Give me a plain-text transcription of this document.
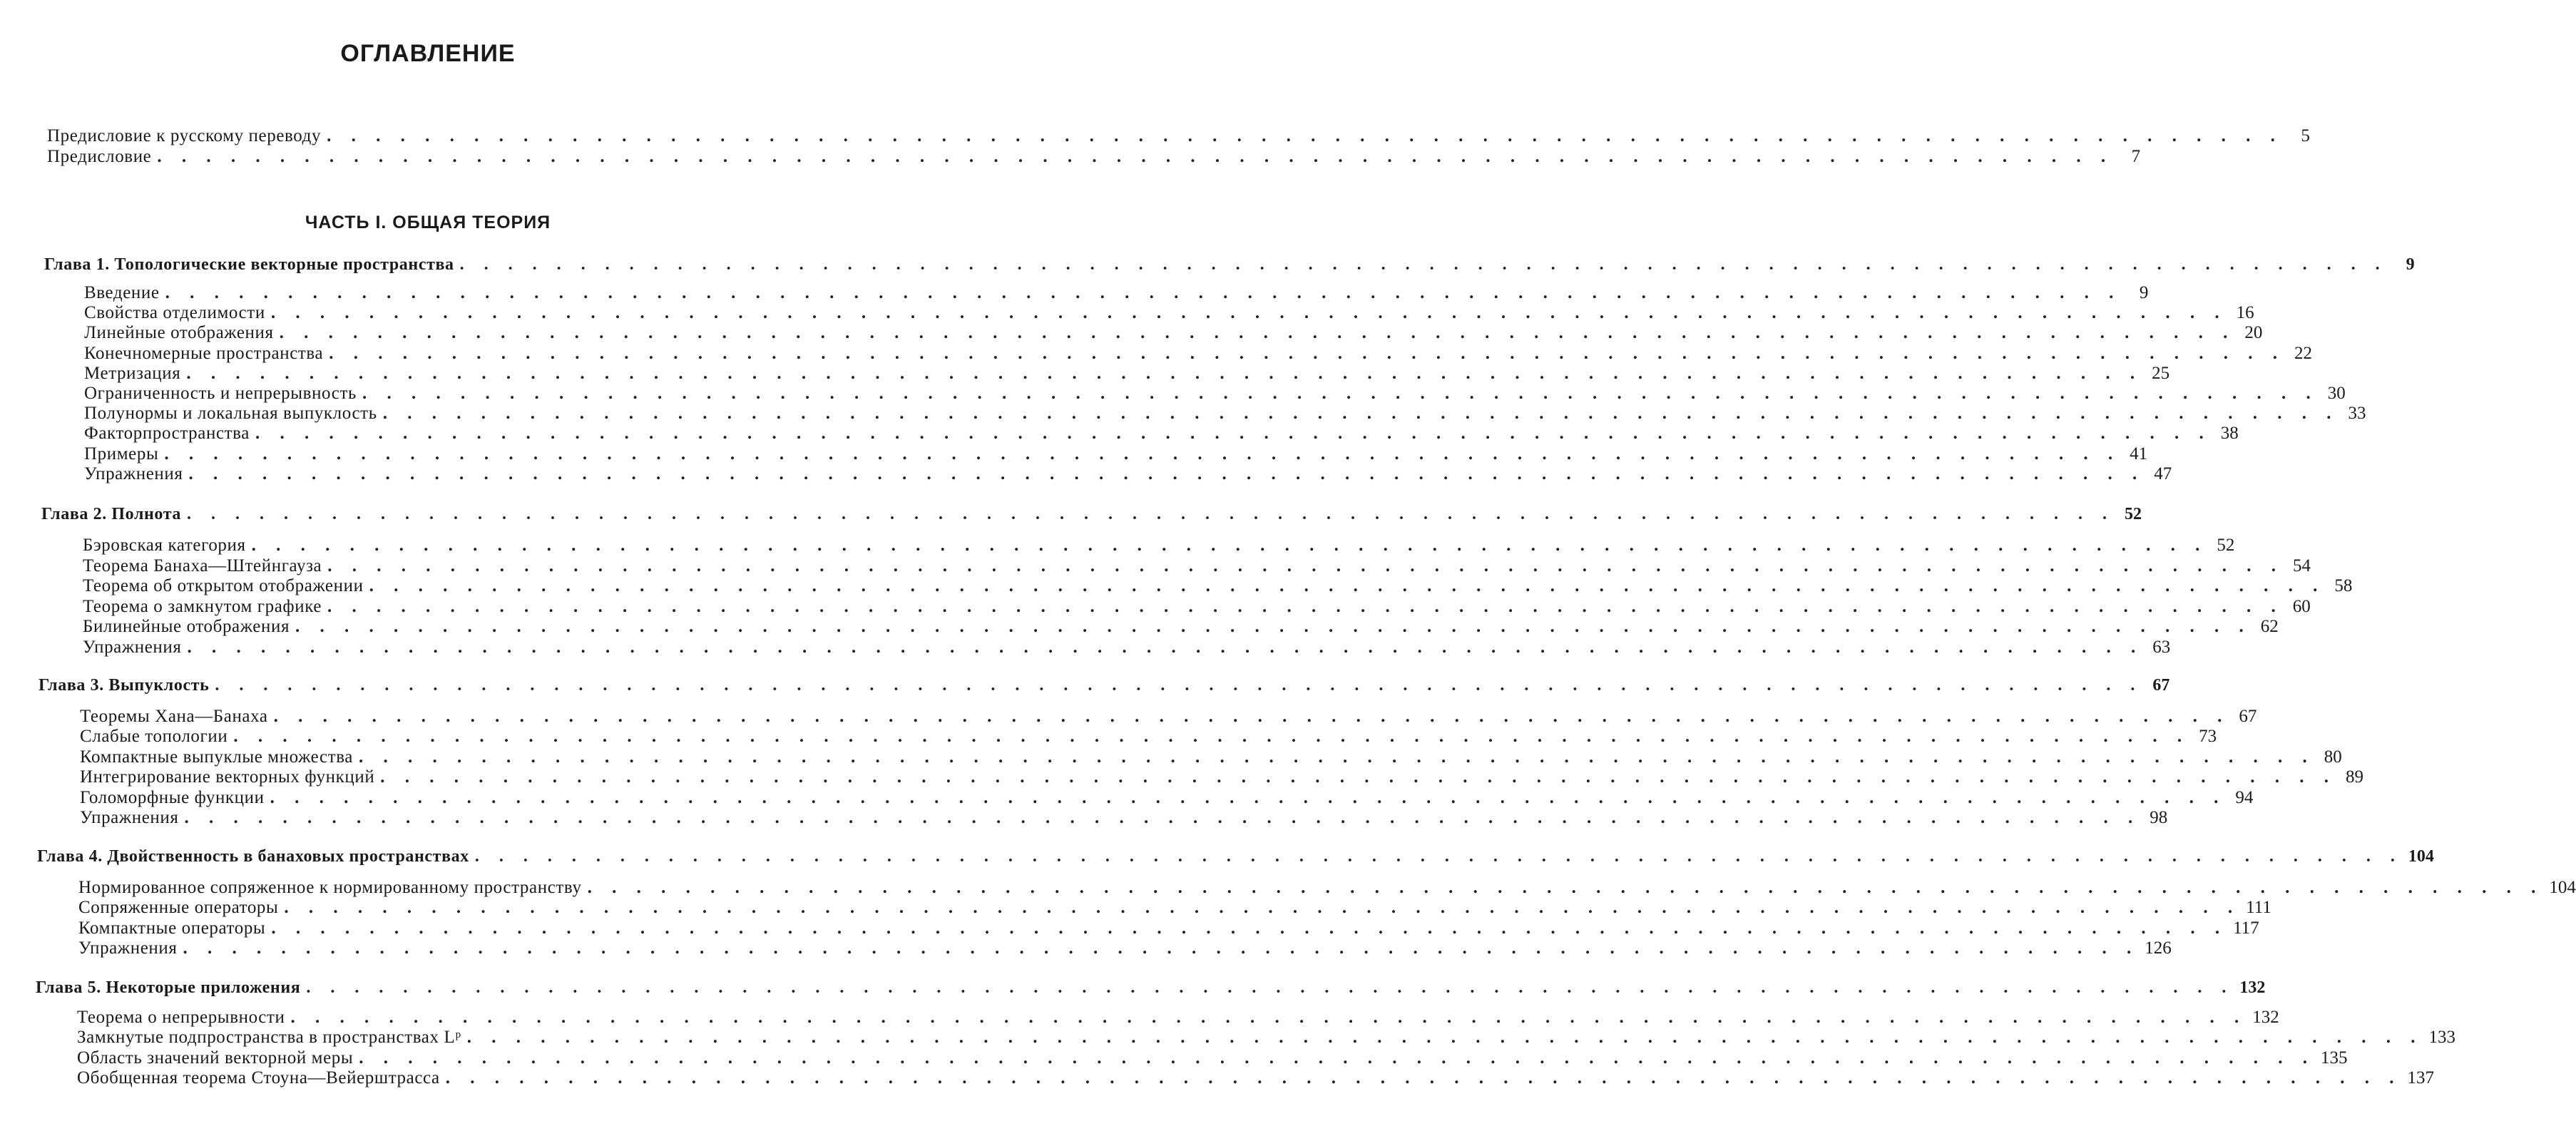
ОГЛАВЛЕНИЕ
ЧАСТЬ I. ОБЩАЯ ТЕОРИЯ
Предисловие к русскому переводу . . . . . . . . . . . . . . . . . . . . . . . . . . . . . . . . . . . . . . . . . . . . . . . . . . . . . . . . . . . . . . . . . . . . . . . . . . . . . . . .	5
Предисловие . . . . . . . . . . . . . . . . . . . . . . . . . . . . . . . . . . . . . . . . . . . . . . . . . . . . . . . . . . . . . . . . . . . . . . . . . . . . . . . .	7
Глава 1. Топологические векторные пространства . . . . . . . . . . . . . . . . . . . . . . . . . . . . . . . . . . . . . . . . . . . . . . . . . . . . . . . . . . . . . . . . . . . . . . . . . . . . . . . .	9
Введение . . . . . . . . . . . . . . . . . . . . . . . . . . . . . . . . . . . . . . . . . . . . . . . . . . . . . . . . . . . . . . . . . . . . . . . . . . . . . . . .	9
Свойства отделимости . . . . . . . . . . . . . . . . . . . . . . . . . . . . . . . . . . . . . . . . . . . . . . . . . . . . . . . . . . . . . . . . . . . . . . . . . . . . . . . . 16
Линейные отображения . . . . . . . . . . . . . . . . . . . . . . . . . . . . . . . . . . . . . . . . . . . . . . . . . . . . . . . . . . . . . . . . . . . . . . . . . . . . . . . . 20
Конечномерные пространства . . . . . . . . . . . . . . . . . . . . . . . . . . . . . . . . . . . . . . . . . . . . . . . . . . . . . . . . . . . . . . . . . . . . . . . . . . . . . . . . 22
Метризация . . . . . . . . . . . . . . . . . . . . . . . . . . . . . . . . . . . . . . . . . . . . . . . . . . . . . . . . . . . . . . . . . . . . . . . . . . . . . . . . 25
Ограниченность и непрерывность . . . . . . . . . . . . . . . . . . . . . . . . . . . . . . . . . . . . . . . . . . . . . . . . . . . . . . . . . . . . . . . . . . . . . . . . . . . . . . . . 30
Полунормы и локальная выпуклость . . . . . . . . . . . . . . . . . . . . . . . . . . . . . . . . . . . . . . . . . . . . . . . . . . . . . . . . . . . . . . . . . . . . . . . . . . . . . . . . 33
Факторпространства . . . . . . . . . . . . . . . . . . . . . . . . . . . . . . . . . . . . . . . . . . . . . . . . . . . . . . . . . . . . . . . . . . . . . . . . . . . . . . . . 38
Примеры . . . . . . . . . . . . . . . . . . . . . . . . . . . . . . . . . . . . . . . . . . . . . . . . . . . . . . . . . . . . . . . . . . . . . . . . . . . . . . . . 41
Упражнения . . . . . . . . . . . . . . . . . . . . . . . . . . . . . . . . . . . . . . . . . . . . . . . . . . . . . . . . . . . . . . . . . . . . . . . . . . . . . . . . 47
Глава 2. Полнота . . . . . . . . . . . . . . . . . . . . . . . . . . . . . . . . . . . . . . . . . . . . . . . . . . . . . . . . . . . . . . . . . . . . . . . . . . . . . . . . 52
Бэровская категория . . . . . . . . . . . . . . . . . . . . . . . . . . . . . . . . . . . . . . . . . . . . . . . . . . . . . . . . . . . . . . . . . . . . . . . . . . . . . . . . 52
Теорема Банаха—Штейнгауза . . . . . . . . . . . . . . . . . . . . . . . . . . . . . . . . . . . . . . . . . . . . . . . . . . . . . . . . . . . . . . . . . . . . . . . . . . . . . . . . 54
Теорема об открытом отображении . . . . . . . . . . . . . . . . . . . . . . . . . . . . . . . . . . . . . . . . . . . . . . . . . . . . . . . . . . . . . . . . . . . . . . . . . . . . . . . . 58
Теорема о замкнутом графике . . . . . . . . . . . . . . . . . . . . . . . . . . . . . . . . . . . . . . . . . . . . . . . . . . . . . . . . . . . . . . . . . . . . . . . . . . . . . . . . 60
Билинейные отображения . . . . . . . . . . . . . . . . . . . . . . . . . . . . . . . . . . . . . . . . . . . . . . . . . . . . . . . . . . . . . . . . . . . . . . . . . . . . . . . . 62
Упражнения . . . . . . . . . . . . . . . . . . . . . . . . . . . . . . . . . . . . . . . . . . . . . . . . . . . . . . . . . . . . . . . . . . . . . . . . . . . . . . . . 63
Глава 3. Выпуклость . . . . . . . . . . . . . . . . . . . . . . . . . . . . . . . . . . . . . . . . . . . . . . . . . . . . . . . . . . . . . . . . . . . . . . . . . . . . . . . . 67
Теоремы Хана—Банаха . . . . . . . . . . . . . . . . . . . . . . . . . . . . . . . . . . . . . . . . . . . . . . . . . . . . . . . . . . . . . . . . . . . . . . . . . . . . . . . . 67
Слабые топологии . . . . . . . . . . . . . . . . . . . . . . . . . . . . . . . . . . . . . . . . . . . . . . . . . . . . . . . . . . . . . . . . . . . . . . . . . . . . . . . . 73
Компактные выпуклые множества . . . . . . . . . . . . . . . . . . . . . . . . . . . . . . . . . . . . . . . . . . . . . . . . . . . . . . . . . . . . . . . . . . . . . . . . . . . . . . . . 80
Интегрирование векторных функций . . . . . . . . . . . . . . . . . . . . . . . . . . . . . . . . . . . . . . . . . . . . . . . . . . . . . . . . . . . . . . . . . . . . . . . . . . . . . . . . 89
Голоморфные функции . . . . . . . . . . . . . . . . . . . . . . . . . . . . . . . . . . . . . . . . . . . . . . . . . . . . . . . . . . . . . . . . . . . . . . . . . . . . . . . . 94
Упражнения . . . . . . . . . . . . . . . . . . . . . . . . . . . . . . . . . . . . . . . . . . . . . . . . . . . . . . . . . . . . . . . . . . . . . . . . . . . . . . . . 98
Глава 4. Двойственность в банаховых пространствах . . . . . . . . . . . . . . . . . . . . . . . . . . . . . . . . . . . . . . . . . . . . . . . . . . . . . . . . . . . . . . . . . . . . . . . . . . . . . . . . 104
Нормированное сопряженное к нормированному пространству . . . . . . . . . . . . . . . . . . . . . . . . . . . . . . . . . . . . . . . . . . . . . . . . . . . . . . . . . . . . . . . . . . . . . . . . . . . . . . . . 104
Сопряженные операторы . . . . . . . . . . . . . . . . . . . . . . . . . . . . . . . . . . . . . . . . . . . . . . . . . . . . . . . . . . . . . . . . . . . . . . . . . . . . . . . . 111
Компактные операторы . . . . . . . . . . . . . . . . . . . . . . . . . . . . . . . . . . . . . . . . . . . . . . . . . . . . . . . . . . . . . . . . . . . . . . . . . . . . . . . . 117
Упражнения . . . . . . . . . . . . . . . . . . . . . . . . . . . . . . . . . . . . . . . . . . . . . . . . . . . . . . . . . . . . . . . . . . . . . . . . . . . . . . . . 126
Глава 5. Некоторые приложения . . . . . . . . . . . . . . . . . . . . . . . . . . . . . . . . . . . . . . . . . . . . . . . . . . . . . . . . . . . . . . . . . . . . . . . . . . . . . . . . 132
Теорема о непрерывности . . . . . . . . . . . . . . . . . . . . . . . . . . . . . . . . . . . . . . . . . . . . . . . . . . . . . . . . . . . . . . . . . . . . . . . . . . . . . . . . 132
Замкнутые подпространства в пространствах Lᵖ . . . . . . . . . . . . . . . . . . . . . . . . . . . . . . . . . . . . . . . . . . . . . . . . . . . . . . . . . . . . . . . . . . . . . . . . . . . . . . . . 133
Область значений векторной меры . . . . . . . . . . . . . . . . . . . . . . . . . . . . . . . . . . . . . . . . . . . . . . . . . . . . . . . . . . . . . . . . . . . . . . . . . . . . . . . . 135
Обобщенная теорема Стоуна—Вейерштрасса . . . . . . . . . . . . . . . . . . . . . . . . . . . . . . . . . . . . . . . . . . . . . . . . . . . . . . . . . . . . . . . . . . . . . . . . . . . . . . . . 137
